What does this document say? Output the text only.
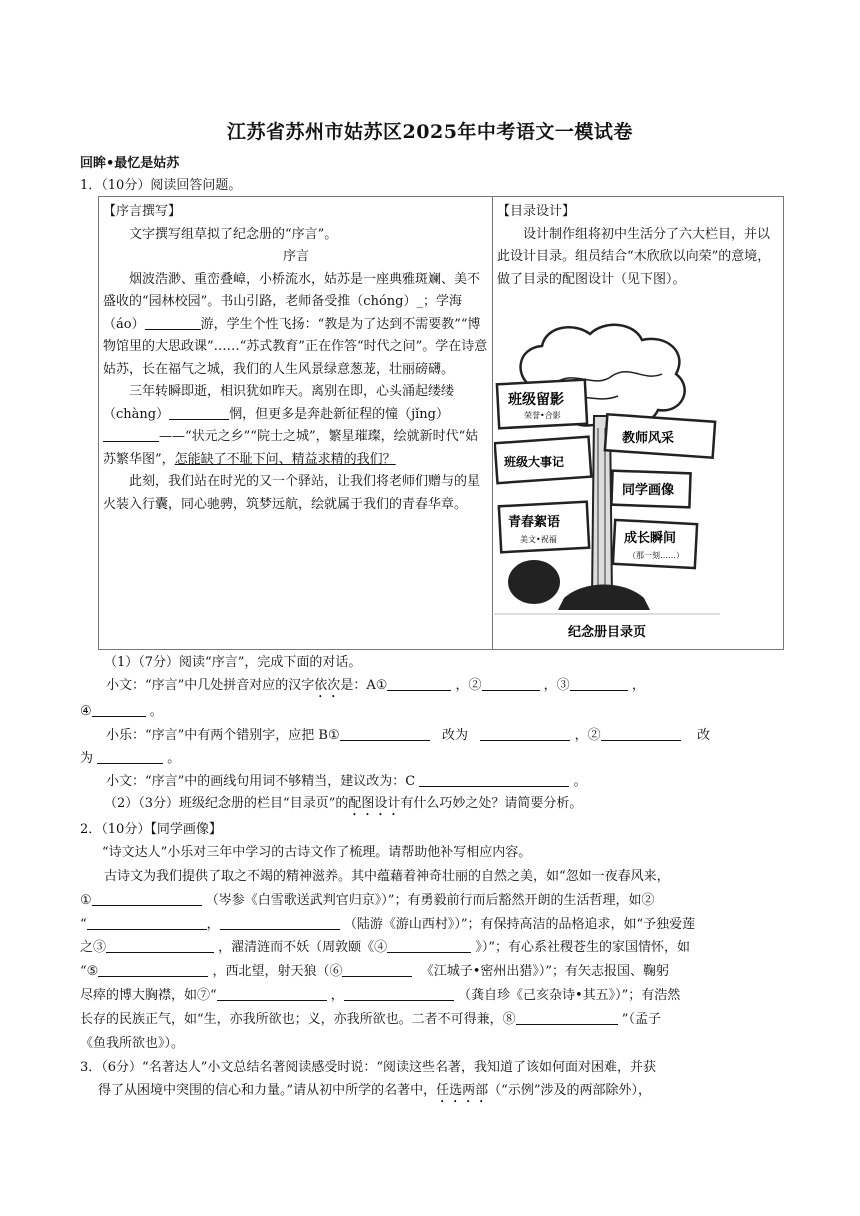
江苏省苏州市姑苏区2025年中考语文一模试卷
回眸•最忆是姑苏
1．（10分）阅读回答问题。

【序言撰写】

文字撰写组草拟了纪念册的“序言”。

序言

烟波浩渺、重峦叠嶂，小桥流水，姑苏是一座典雅斑斓、美不盛收的“园林校园”。书山引路，老师备受推（chóng）_；学海（áo）	游，学生个性飞扬：“教是为了达到不需要教”“博物馆里的大思政课”……“苏式教育”正在作答“时代之问”。学在诗意姑苏，长在福气之城，我们的人生风景绿意葱茏，壮丽磅礴。

三年转瞬即逝，相识犹如昨天。离别在即，心头涌起缕缕（chàng）	惘，但更多是奔赴新征程的憧（jǐng）——“状元之乡”“院士之城”，繁星璀璨，绘就新时代“姑苏繁华图”，怎能缺了不耻下问、精益求精的我们？

此刻，我们站在时光的又一个驿站，让我们将老师们赠与的星火装入行囊，同心驰骋，筑梦远航，绘就属于我们的青春华章。

【目录设计】

设计制作组将初中生活分了六大栏目，并以此设计目录。组员结合“木欣欣以向荣”的意境，做了目录的配图设计（见下图）。

班级留影
荣誉•合影
教师风采
班级大事记
同学画像
青春絮语
美文•祝福	成长瞬间
（那一刻……）
纪念册目录页
（1）（7分）阅读“序言”，完成下面的对话。
小文：“序言”中几处拼音对应的汉字依次是：A①	，②	，③	，
④	。
小乐：“序言”中有两个错别字，应把 B①	改为	，②	改
为	。
小文：“序言”中的画线句用词不够精当，建议改为：C	。
（2）（3分）班级纪念册的栏目“目录页”的配图设计有什么巧妙之处？请简要分析。
2．（10分）【同学画像】
“诗文达人”小乐对三年中学习的古诗文作了梳理。请帮助他补写相应内容。
古诗文为我们提供了取之不竭的精神滋养。其中蕴藉着神奇壮丽的自然之美，如“忽如一夜春风来，
①	（岑参《白雪歌送武判官归京》）”；有勇毅前行而后豁然开朗的生活哲理，如②
“	，	（陆游《游山西村》）”；有保持高洁的品格追求，如“予独爱莲
之③	，濯清涟而不妖（周敦颐《④	》）”；有心系社稷苍生的家国情怀，如
“⑤	，西北望，射天狼（⑥	《江城子•密州出猎》）”；有矢志报国、鞠躬
尽瘁的博大胸襟，如⑦“	，	（龚自珍《己亥杂诗•其五》）”；有浩然
长存的民族正气，如“生，亦我所欲也；义，亦我所欲也。二者不可得兼，⑧	”（孟子
《鱼我所欲也》）。
3．（6分）“名著达人”小文总结名著阅读感受时说：“阅读这些名著，我知道了该如何面对困难，并获
得了从困境中突围的信心和力量。”请从初中所学的名著中，任选两部（“示例”涉及的两部除外），
